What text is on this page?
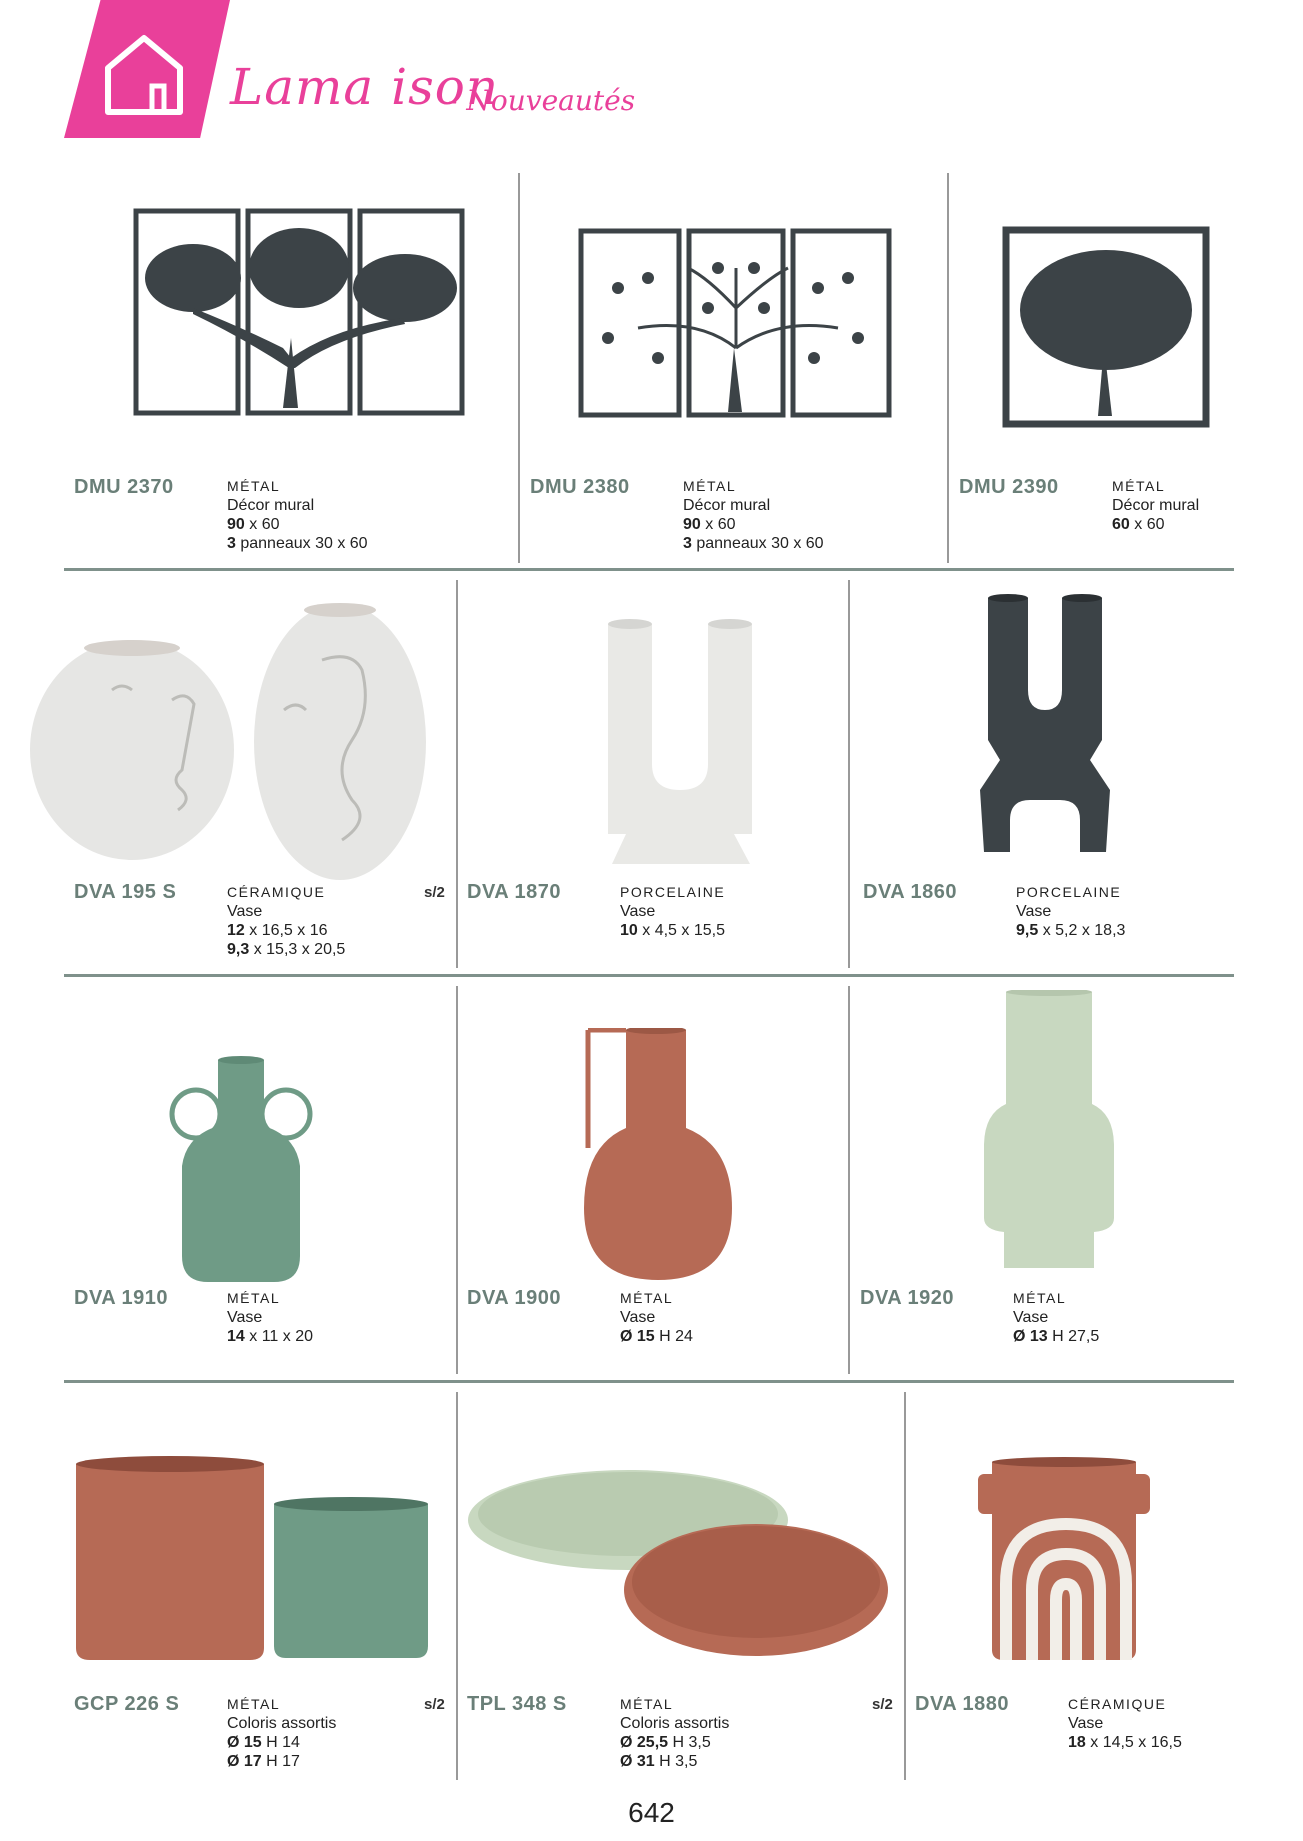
Lama ison
- Nouveautés
DMU 2370	MÉTAL
Décor mural
90 x 60
3 panneaux 30 x 60
DMU 2380	MÉTAL
Décor mural
90 x 60
3 panneaux 30 x 60
DMU 2390	MÉTAL
Décor mural
60 x 60
DVA 195 S	CÉRAMIQUE
Vase
12 x 16,5 x 16
9,3 x 15,3 x 20,5
s/2 DVA 1870	PORCELAINE
Vase
10 x 4,5 x 15,5
DVA 1860	PORCELAINE
Vase
9,5 x 5,2 x 18,3
DVA 1910	MÉTAL
Vase
14 x 11 x 20
DVA 1900	MÉTAL
Vase
Ø 15 H 24
DVA 1920	MÉTAL
Vase
Ø 13 H 27,5
GCP 226 S	MÉTAL
Coloris assortis
Ø 15 H 14
Ø 17 H 17
s/2 TPL 348 S	MÉTAL
Coloris assortis
Ø 25,5 H 3,5
Ø 31 H 3,5
s/2 DVA 1880	CÉRAMIQUE
Vase
18 x 14,5 x 16,5
642
